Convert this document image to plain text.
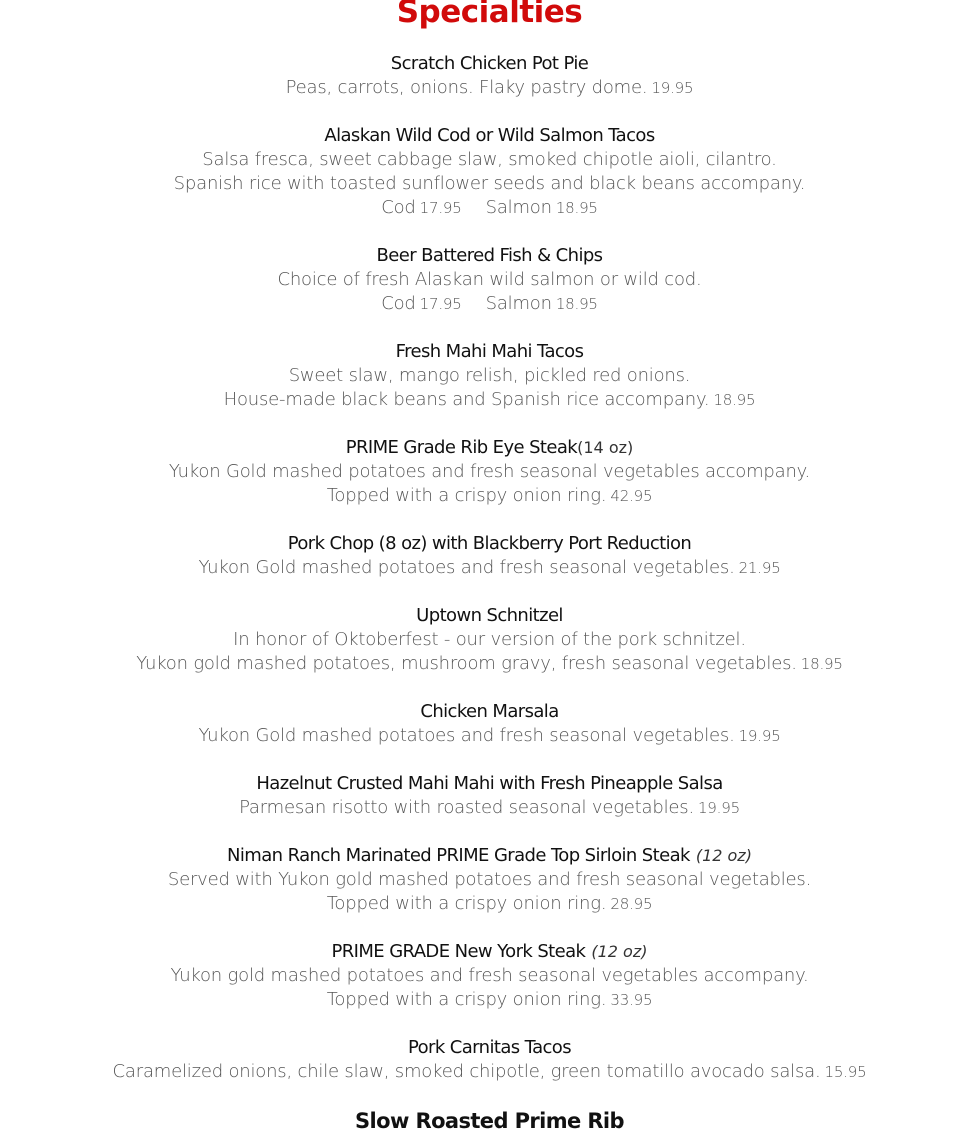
Specialties

Scratch Chicken Pot Pie

Peas, carrots, onions. Flaky pastry dome. 19.95

Alaskan Wild Cod or Wild Salmon Tacos

Salsa fresca, sweet cabbage slaw, smoked chipotle aioli, cilantro.

Spanish rice with toasted sunflower seeds and black beans accompany.

Cod 17.95 Salmon 18.95

Beer Battered Fish & Chips

Choice of fresh Alaskan wild salmon or wild cod.

Cod 17.95 Salmon 18.95

Fresh Mahi Mahi Tacos

Sweet slaw, mango relish, pickled red onions.

House-made black beans and Spanish rice accompany. 18.95

PRIME Grade Rib Eye Steak(14 oz)

Yukon Gold mashed potatoes and fresh seasonal vegetables accompany.

Topped with a crispy onion ring. 42.95

Pork Chop (8 oz) with Blackberry Port Reduction

Yukon Gold mashed potatoes and fresh seasonal vegetables. 21.95

Uptown Schnitzel

In honor of Oktoberfest - our version of the pork schnitzel.

Yukon gold mashed potatoes, mushroom gravy, fresh seasonal vegetables. 18.95

Chicken Marsala

Yukon Gold mashed potatoes and fresh seasonal vegetables. 19.95

Hazelnut Crusted Mahi Mahi with Fresh Pineapple Salsa

Parmesan risotto with roasted seasonal vegetables. 19.95

Niman Ranch Marinated PRIME Grade Top Sirloin Steak (12 oz)

Served with Yukon gold mashed potatoes and fresh seasonal vegetables.

Topped with a crispy onion ring. 28.95

PRIME GRADE New York Steak (12 oz)

Yukon gold mashed potatoes and fresh seasonal vegetables accompany.

Topped with a crispy onion ring. 33.95

Pork Carnitas Tacos

Caramelized onions, chile slaw, smoked chipotle, green tomatillo avocado salsa. 15.95

Slow Roasted Prime Rib
